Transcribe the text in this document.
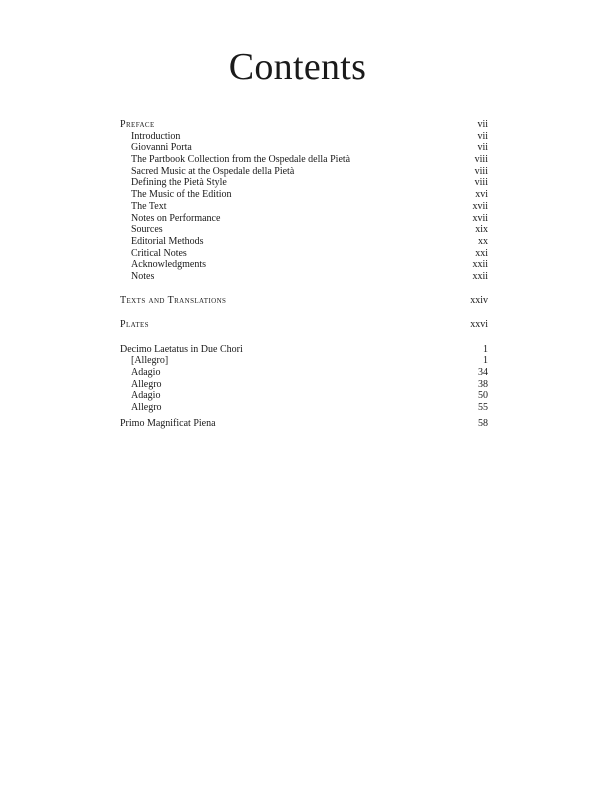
Contents
Preface	vii
Introduction	vii
Giovanni Porta	vii
The Partbook Collection from the Ospedale della Pietà	viii
Sacred Music at the Ospedale della Pietà	viii
Defining the Pietà Style	viii
The Music of the Edition	xvi
The Text	xvii
Notes on Performance	xvii
Sources	xix
Editorial Methods	xx
Critical Notes	xxi
Acknowledgments	xxii
Notes	xxii
Texts and Translations	xxiv
Plates	xxvi
Decimo Laetatus in Due Chori	1
[Allegro]	1
Adagio	34
Allegro	38
Adagio	50
Allegro	55
Primo Magnificat Piena	58
